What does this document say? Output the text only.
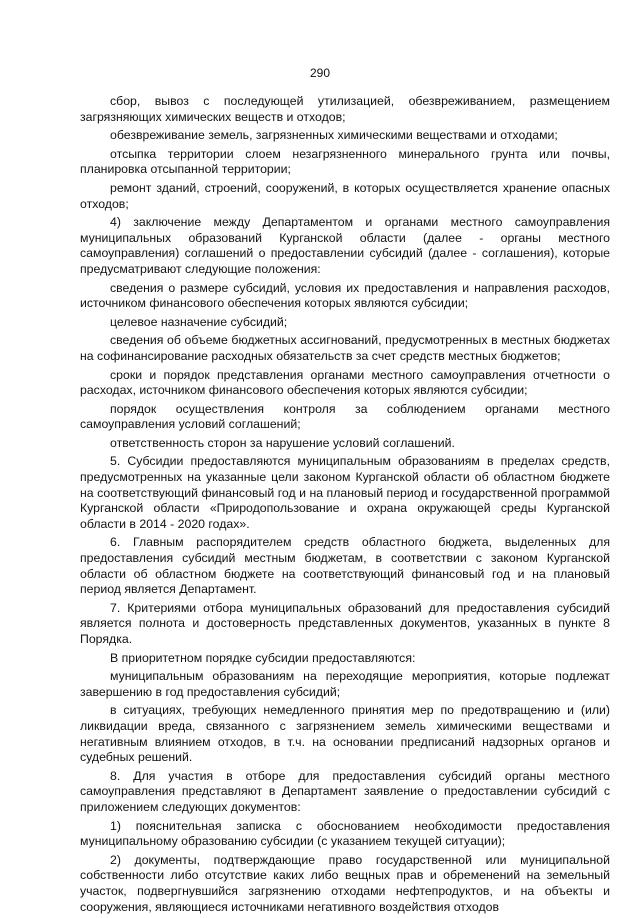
290

сбор, вывоз с последующей утилизацией, обезвреживанием, размещением загрязняющих химических веществ и отходов;

обезвреживание земель, загрязненных химическими веществами и отходами;

отсыпка территории слоем незагрязненного минерального грунта или почвы, планировка отсыпанной территории;

ремонт зданий, строений, сооружений, в которых осуществляется хранение опасных отходов;

4) заключение между Департаментом и органами местного самоуправления муниципальных образований Курганской области (далее - органы местного самоуправления) соглашений о предоставлении субсидий (далее - соглашения), которые предусматривают следующие положения:

сведения о размере субсидий, условия их предоставления и направления расходов, источником финансового обеспечения которых являются субсидии;

целевое назначение субсидий;

сведения об объеме бюджетных ассигнований, предусмотренных в местных бюджетах на софинансирование расходных обязательств за счет средств местных бюджетов;

сроки и порядок представления органами местного самоуправления отчетности о расходах, источником финансового обеспечения которых являются субсидии;

порядок осуществления контроля за соблюдением органами местного самоуправления условий соглашений;

ответственность сторон за нарушение условий соглашений.

5. Субсидии предоставляются муниципальным образованиям в пределах средств, предусмотренных на указанные цели законом Курганской области об областном бюджете на соответствующий финансовый год и на плановый период и государственной программой Курганской области «Природопользование и охрана окружающей среды Курганской области в 2014 - 2020 годах».

6. Главным распорядителем средств областного бюджета, выделенных для предоставления субсидий местным бюджетам, в соответствии с законом Курганской области об областном бюджете на соответствующий финансовый год и на плановый период является Департамент.

7. Критериями отбора муниципальных образований для предоставления субсидий является полнота и достоверность представленных документов, указанных в пункте 8 Порядка.

В приоритетном порядке субсидии предоставляются:

муниципальным образованиям на переходящие мероприятия, которые подлежат завершению в год предоставления субсидий;

в ситуациях, требующих немедленного принятия мер по предотвращению и (или) ликвидации вреда, связанного с загрязнением земель химическими веществами и негативным влиянием отходов, в т.ч. на основании предписаний надзорных органов и судебных решений.

8. Для участия в отборе для предоставления субсидий органы местного самоуправления представляют в Департамент заявление о предоставлении субсидий с приложением следующих документов:

1) пояснительная записка с обоснованием необходимости предоставления муниципальному образованию субсидии (с указанием текущей ситуации);

2) документы, подтверждающие право государственной или муниципальной собственности либо отсутствие каких либо вещных прав и обременений на земельный участок, подвергнувшийся загрязнению отходами нефтепродуктов, и на объекты и сооружения, являющиеся источниками негативного воздействия отходов
